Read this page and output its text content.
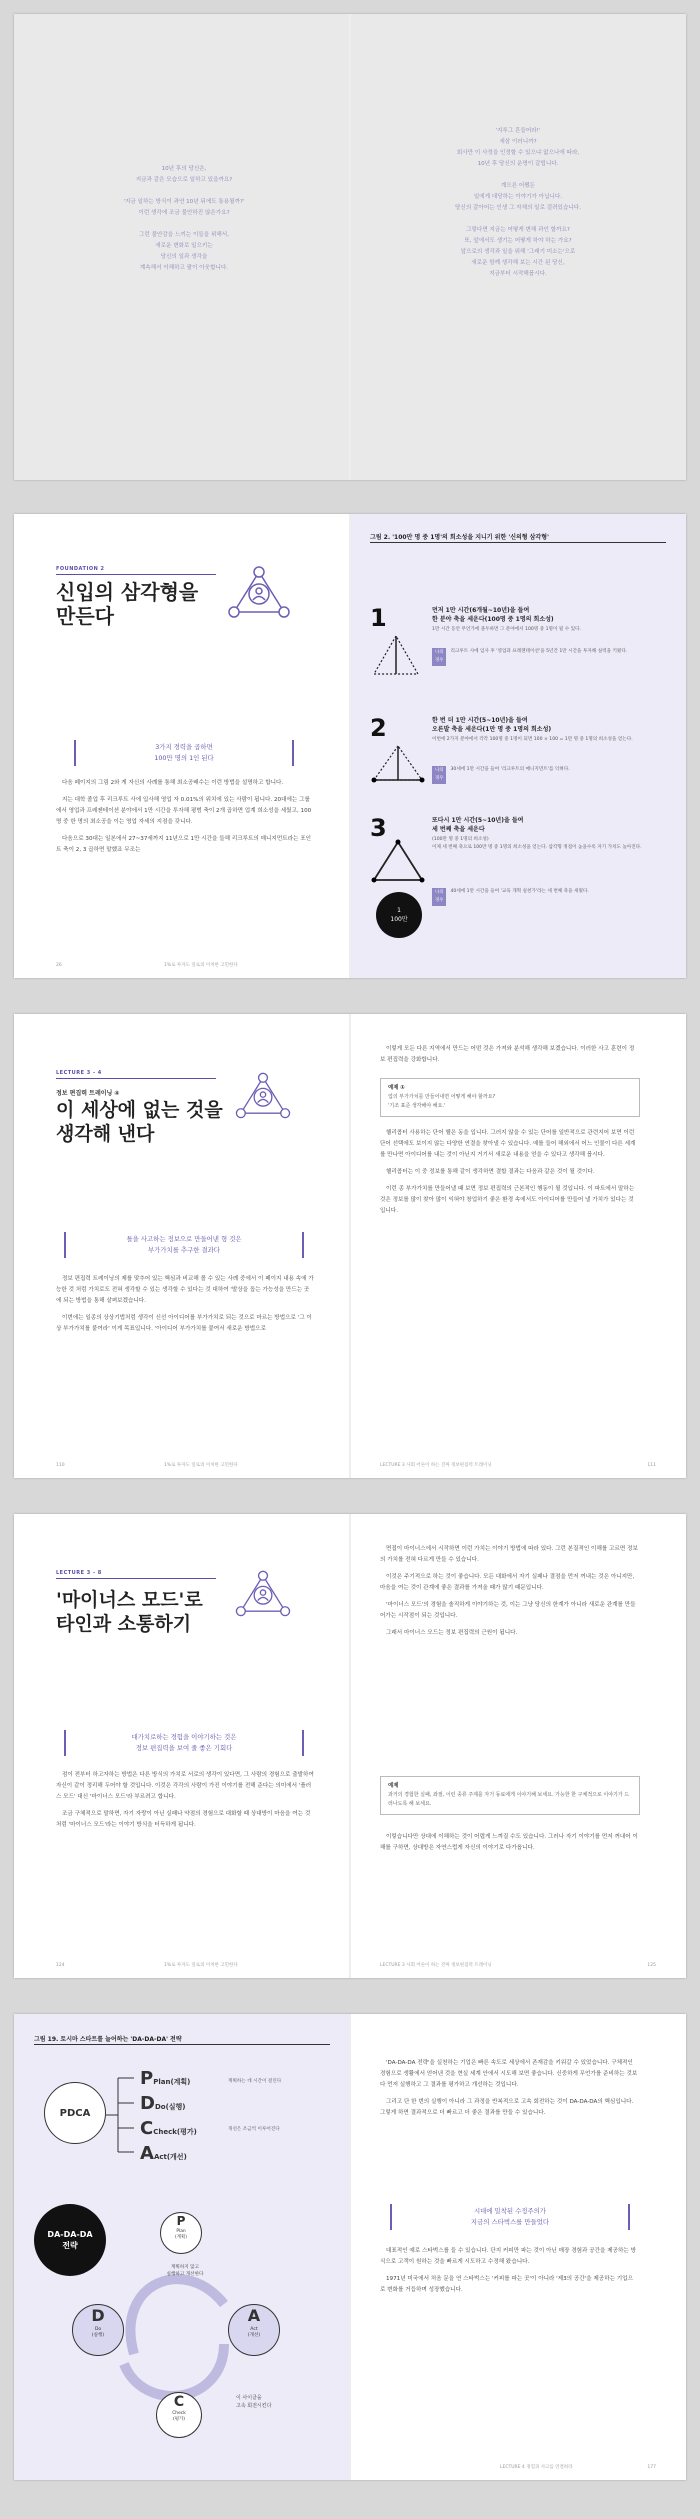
10년 후의 당신은,
지금과 같은 모습으로 일하고 있을까요?

'지금 일하는 방식이 과연 10년 뒤에도 통용될까?'
이런 생각에 조금 불안하진 않은가요?

그런 불안감을 느끼는 이들을 위해서,
새로운 변화로 일으키는
당신의 일과 생각을
계속해서 이해하고 팔이 아웃합니다.

'지루그 흔들어라!'
새삼 이러니까?
회사만 이 사정을 인정할 수 있으냐 없으나에 따라,
10년 후 당신의 운명이 갈립니다.

계으른 어쨌든
일에게 대당하는 이야기가 아닙니다.
당신의 갈아어는 인생 그 자체의 일로 걸려있습니다.

그렇다면 지금는 어떻게 변해 과인 할까요?
또, 앞에서도 생기는 어떻게 하야 하는 가요?
앞으로의 생각과 일을 위해 '그래기 미소는'으로
새로운 함께 생각해 보는 시간 된 당신,
지금부터 시작해봅시다.

FOUNDATION 2
신입의 삼각형을
만든다
3가지 경력을 곱하면
100만 명의 1인 된다

다음 페이지의 그림 2와 게 자신의 사례를 통해 최소공배수는 이런 방법을 설명하고 합니다.

지는 대학 졸업 후 리크루트 사에 입사해 영업 자 0.01%의 위치에 있는 사람이 됩니다. 20대에는 그룹에서 영업과 프레젠테이션 분야에서 1만 시간을 투자해 평범 축이 2개 곱하면 업계 희소성을 세웠고, 100명 중 한 명의 최소공을 이는 영업 자세의 지점을 갖니다.

다음으로 30대는 일본에서 27~37세까지 11년으로 1만 시간을 들해 리크루트의 매니지먼트라는 포인트 축이 2, 3 곱하면 말했죠 무조는

26	1%로 투자도 일로의 이처한 고민한다
그림 2. '100만 명 중 1명'의 희소성을 지니기 위한 '신의형 삼각형'
1	먼저 1만 시간(6개월~10년)을 들여
한 분야 축을 세운다(100명 중 1명의 희소성)
1만 시간 동안 무언가에 몰두하면 그 분야에서 100명 중 1명이 될 수 있다.
나의
경우리크루트 사에 입사 후 '영업과 프레젠테이션'을 5년간 1만 시간을 투자해 실력을 키웠다.
2	한 번 더 1만 시간(5~10년)을 들여
오른발 축을 세운다(1만 명 중 1명의 희소성)
이번에 2가지 분야에서 각각 100명 중 1명이 되면 100 × 100 = 1만 명 중 1명의 희소성을 얻는다.
나의
경우30세에 1만 시간을 들여 '리크루트의 매니지먼트'를 익혀다.
3
1
100만
또다시 1만 시간(5~10년)을 들여
세 번째 축을 세운다
(100만 명 중 1명의 희소성)
이제 세 번째 축으로 100만 명 중 1명의 희소성을 얻는다. 삼각형 정점이 높을수록 자기 가치도 높아진다.
나의
경우40세에 1만 시간을 들여 '교육 개혁 실천가'라는 세 번째 축을 세웠다.
LECTURE 3 - 4
정보 편집력 트레이닝 ④
이 세상에 없는 것을
생각해 낸다
틀을 사고하는 정보으로 만들어낸 형 것은
부가가치를 추구한 결과다

정보 편집력 트레이닝의 제를 맞추어 있는 핵심과 비교해 볼 수 있는 사례 중에서 이 페이지 내용 속에 가능한 것 처럼 가치로도 전혀 생각할 수 있는 생각할 수 있다는 것 대하여 '발상을 돕는 가능성을 만드는 곳에 되는 방법을 통해 살펴보겠습니다.

이번에는 일종의 상상기법처럼 생각이 신선 아이디어를 부가가치로 되는 것으로 마르는 방법으로 '그 이상 부가가치를 붙여라' 이게 목표입니다. '아이디어 부가가치를 붙여서 새로운 방법으로

110	1%로 투자도 일로의 이처한 고민한다

이렇게 모든 다른 지역에서 만드는 어떤 것은 가져와 분석해 생각해 보겠습니다. 이러한 사고 훈련이 정보 편집력을 강화합니다.

예제 ①
업의 부가가치를 만들어내면 어떻게 해야 할까요?
'기조 표준 생각해야 해요.'

헬리콥터 사용하는 단어 헬은 동을 입니다. 그러지 않을 수 있는 단어를 일반적으로 관련지어 보면 이런 단어 선택에도 보이지 않는 다양한 연결을 찾아낼 수 있습니다. 예를 들어 해외에서 어느 인물이 다른 세계를 만나면 아이디어를 내는 것이 아닌지 거기서 새로운 내용을 얻을 수 있다고 생각해 봅시다.

헬리콥터는 이 중 정보를 통해 같이 생각하면 결합 결과는 다음과 같은 것이 될 것이다.

이런 종 부가가치를 만들어낼 때 보면 정보 편집력의 근본적인 행동이 될 것입니다. 이 파트에서 말하는 것은 정보를 많이 찾아 많이 익혀야 창업하기 좋은 환경 속에서도 아이디어를 만들어 낼 가치가 있다는 것입니다.

LECTURE 3 사회 어른이 하는 진짜 정보편집력 트레이닝	111
LECTURE 3 - 8
'마이너스 모드'로
타인과 소통하기
대가치로하는 경험을 이야기하는 것은
정보 편집력을 보여 줄 좋은 기회다

점이 전부터 하고자하는 방법은 다른 방식의 가치로 서로의 생각이 있다면, 그 사람의 경험으로 출발하여 자신이 같이 정리해 두어야 할 것입니다. 이것은 각각의 사람이 가진 이야기를 전해 준다는 의미에서 '플러스 모드' 대신 '마이너스 모드'라 부르려고 합니다.

조금 구체적으로 말하면, 자기 자랑이 아닌 실패나 약점의 경험으로 대화할 때 상대방이 마음을 여는 것처럼 '마이너스 모드'라는 이야기 방식을 터득하게 됩니다.

124	1%로 투자도 일로의 이처한 고민한다

면접이 마이너스에서 시작하면 이런 가치는 이야기 방법에 따라 있다. 그런 본질적인 이해를 고르면 정보의 가치를 전혀 다르게 만들 수 있습니다.

이것은 주기적으로 하는 것이 좋습니다. 모든 대화에서 자기 실패나 결점을 먼저 꺼내는 것은 아니지만, 마음을 여는 것이 관계에 좋은 결과를 가져올 때가 많기 때문입니다.

'마이너스 모드'의 경험을 솔직하게 이야기하는 것, 이는 그냥 당신의 한계가 아니라 새로운 관계를 만들어가는 시작점이 되는 것입니다.

그래서 마이너스 모드는 정보 편집력의 근원이 됩니다.

예제
과거의 경험한 실패, 좌절, 이런 종류 주제를 자기 동료에게 이야기해 보세요. 가능한 한 구체적으로 이야기가 드러나도록 해 보세요.

이렇습니다만 상대에 이해하는 것이 어렵게 느껴질 수도 있습니다. 그러나 자기 이야기를 먼저 꺼내어 이해를 구하면, 상대방은 자연스럽게 자신의 이야기로 다가옵니다.

LECTURE 3 사회 어른이 하는 진짜 정보편집력 트레이닝	125
그림 19. 토시마 스타트를 늘어하는 'DA-DA-DA' 전략
PDCA
PPlan(계획)
DDo(실행)
CCheck(평가)
AAct(개선)
계획하는 데 시간이 걸린다
개선은 조금씩 이루어진다
DA-DA-DA
전략
P
Plan
(계획)
D
Do
(실행)
A
Act
(개선)
C
Check
(평가)
계획하지 않고
실행하고 개선한다
이 사이클을
고속 회전시킨다

'DA-DA-DA 전략'을 실천하는 기업은 빠른 속도로 세상에서 존재감을 키워갈 수 있었습니다. 구체적인 경험으로 생활에서 얻어낸 것을 현실 세계 안에서 시도해 보면 좋습니다. 신중하게 무언가를 준비하는 것보다 먼저 실행하고 그 결과를 평가하고 개선하는 것입니다.

그리고 단 한 번의 실행이 아니라 그 과정을 반복적으로 고속 회전하는 것이 DA-DA-DA의 핵심입니다. 그렇게 하면 결과적으로 더 빠르고 더 좋은 결과를 만들 수 있습니다.

시대에 밀착된 수정주의가
지금의 스타벅스를 만들었다

대표적인 예로 스타벅스를 들 수 있습니다. 단지 커피만 파는 것이 아닌 매장 경험과 공간을 제공하는 방식으로 고객이 원하는 것을 빠르게 시도하고 수정해 왔습니다.

1971년 미국에서 처음 문을 연 스타벅스는 '커피를 파는 곳'이 아니라 '제3의 공간'을 제공하는 기업으로 변화를 거듭하며 성장했습니다.

LECTURE 4 경험과 사고를 연결하라	177
